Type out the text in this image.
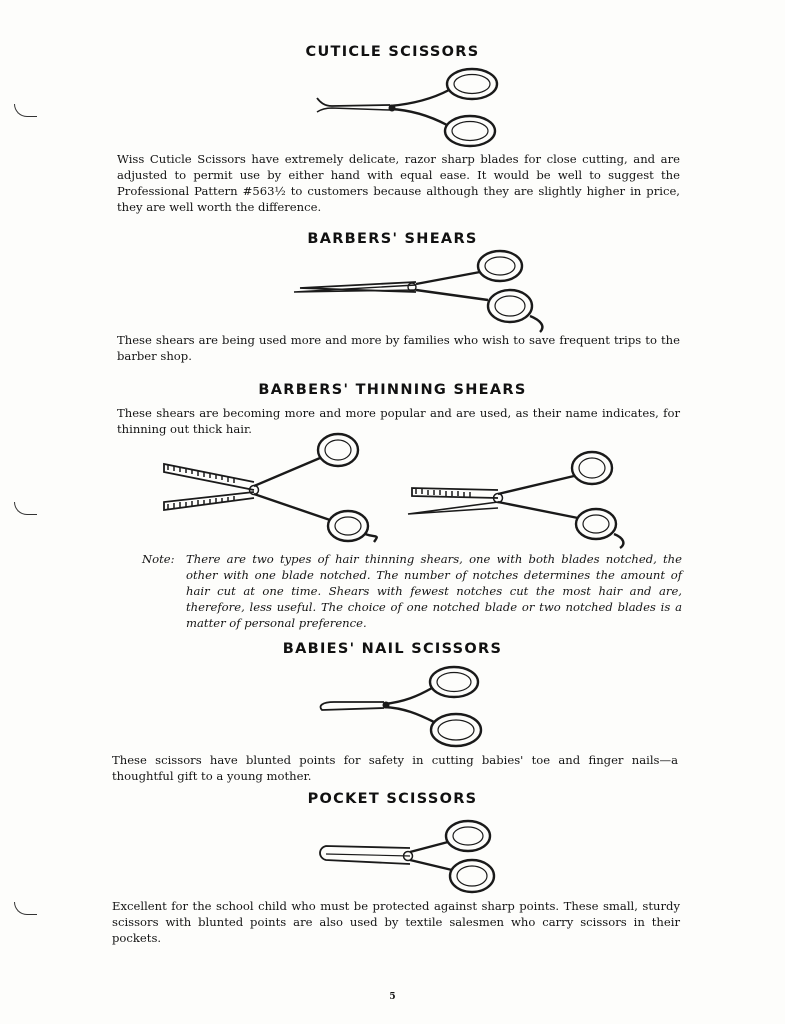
CUTICLE SCISSORS

Wiss Cuticle Scissors have extremely delicate, razor sharp blades for close cutting, and are adjusted to permit use by either hand with equal ease. It would be well to suggest the Professional Pattern #563½ to customers because although they are slightly higher in price, they are well worth the difference.

BARBERS' SHEARS

These shears are being used more and more by families who wish to save frequent trips to the barber shop.

BARBERS' THINNING SHEARS

These shears are becoming more and more popular and are used, as their name indicates, for thinning out thick hair.

Note: There are two types of hair thinning shears, one with both blades notched, the other with one blade notched. The number of notches determines the amount of hair cut at one time. Shears with fewest notches cut the most hair and are, therefore, less useful. The choice of one notched blade or two notched blades is a matter of personal preference.
BABIES' NAIL SCISSORS

These scissors have blunted points for safety in cutting babies' toe and finger nails—a thoughtful gift to a young mother.

POCKET SCISSORS

Excellent for the school child who must be protected against sharp points. These small, sturdy scissors with blunted points are also used by textile salesmen who carry scissors in their pockets.

5
